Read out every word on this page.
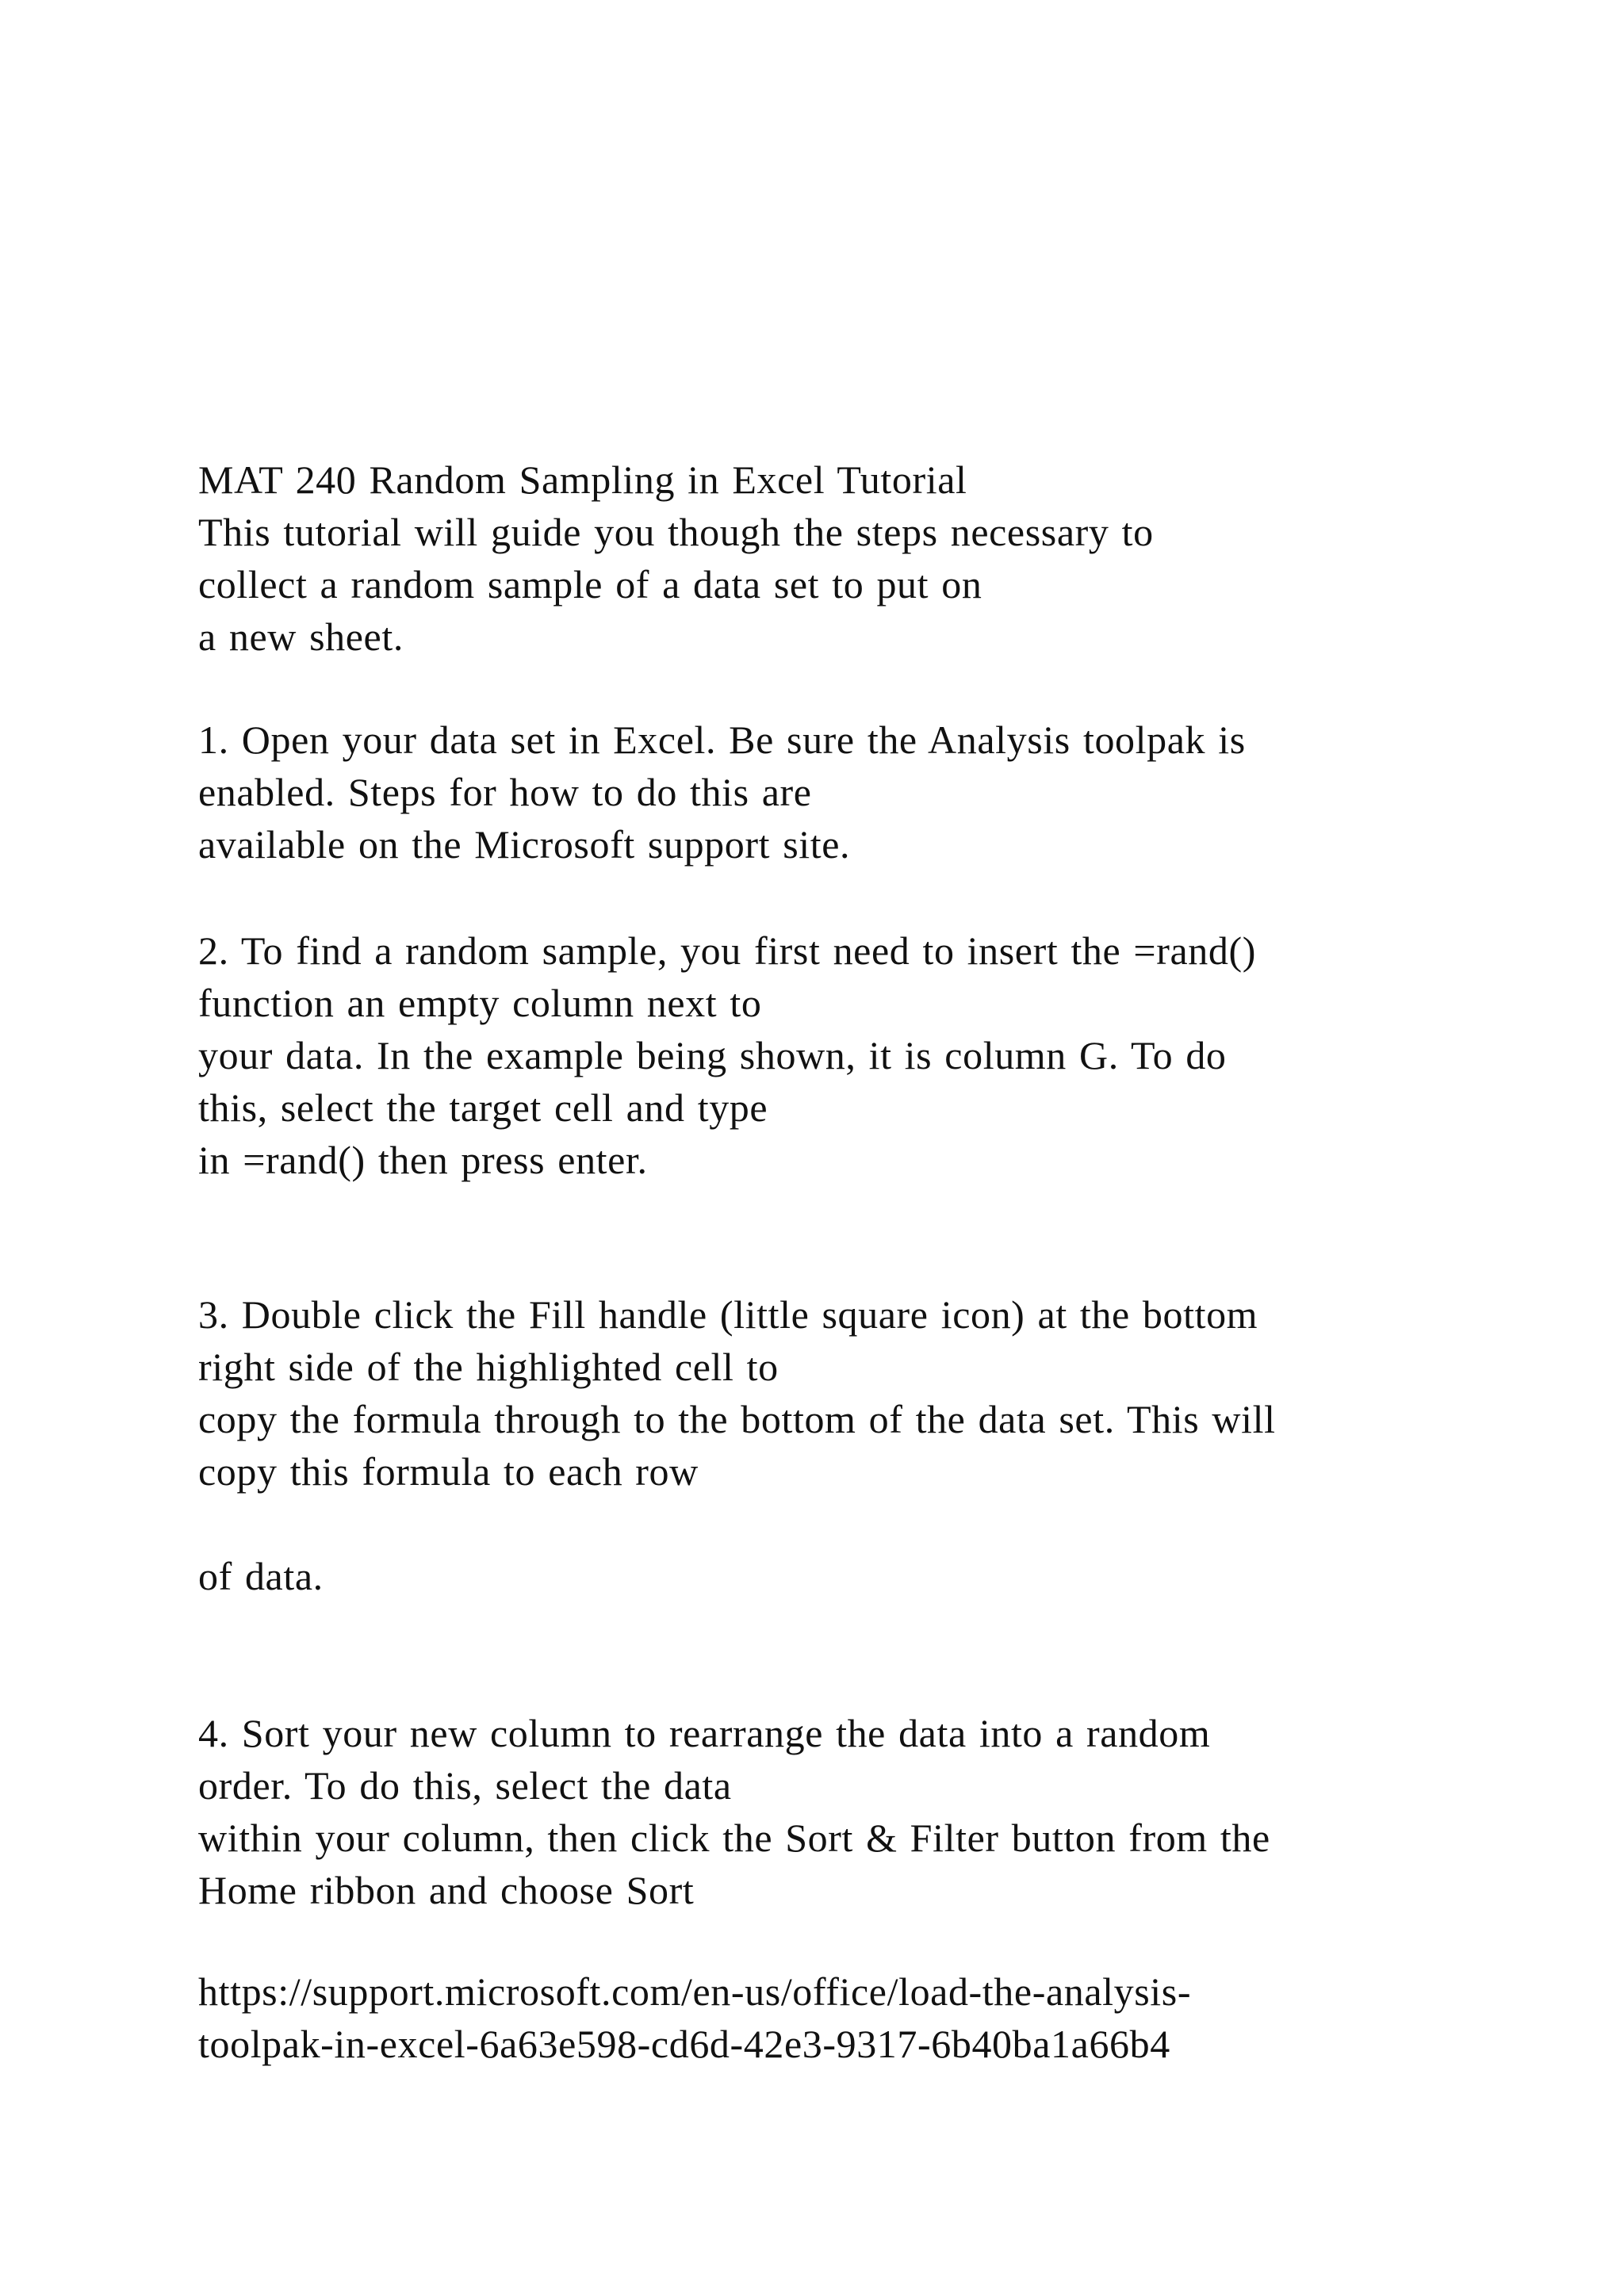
MAT 240 Random Sampling in Excel Tutorial
This tutorial will guide you though the steps necessary to
collect a random sample of a data set to put on
a new sheet.
1. Open your data set in Excel. Be sure the Analysis toolpak is
enabled. Steps for how to do this are
available on the Microsoft support site.
2. To find a random sample, you first need to insert the =rand()
function an empty column next to
your data. In the example being shown, it is column G. To do
this, select the target cell and type
in =rand() then press enter.
3. Double click the Fill handle (little square icon) at the bottom
right side of the highlighted cell to
copy the formula through to the bottom of the data set. This will
copy this formula to each row
of data.
4. Sort your new column to rearrange the data into a random
order. To do this, select the data
within your column, then click the Sort & Filter button from the
Home ribbon and choose Sort
https://support.microsoft.com/en-us/office/load-the-analysis-
toolpak-in-excel-6a63e598-cd6d-42e3-9317-6b40ba1a66b4
